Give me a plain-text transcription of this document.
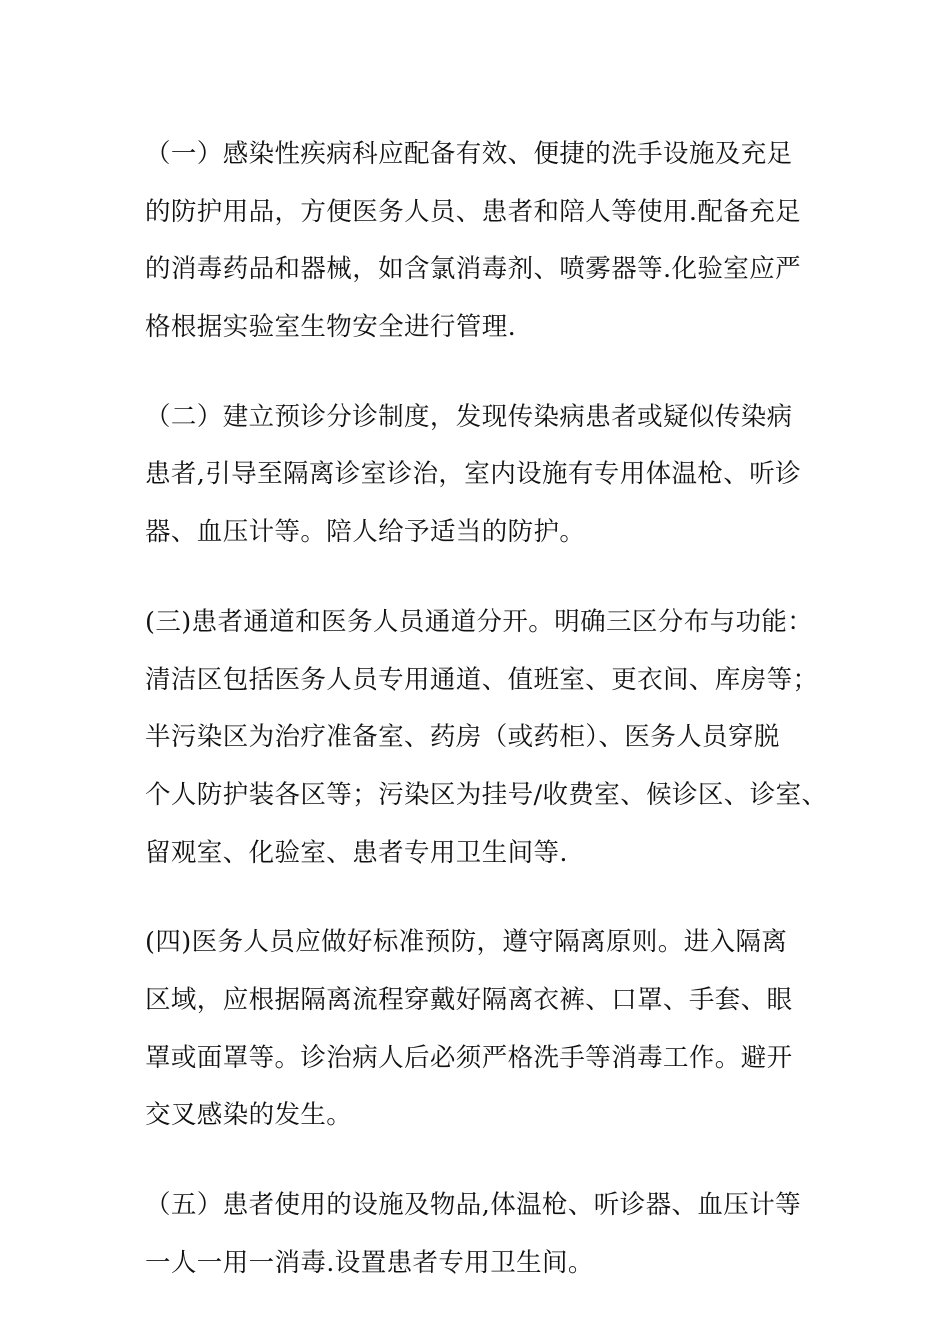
（一）感染性疾病科应配备有效、便捷的洗手设施及充足
的防护用品，方便医务人员、患者和陪人等使用.配备充足
的消毒药品和器械，如含氯消毒剂、喷雾器等.化验室应严
格根据实验室生物安全进行管理.
（二）建立预诊分诊制度，发现传染病患者或疑似传染病
患者,引导至隔离诊室诊治，室内设施有专用体温枪、听诊
器、血压计等。陪人给予适当的防护。
(三)患者通道和医务人员通道分开。明确三区分布与功能：
清洁区包括医务人员专用通道、值班室、更衣间、库房等；
半污染区为治疗准备室、药房（或药柜）、医务人员穿脱
个人防护装各区等；污染区为挂号/收费室、候诊区、诊室、
留观室、化验室、患者专用卫生间等.
(四)医务人员应做好标准预防，遵守隔离原则。进入隔离
区域，应根据隔离流程穿戴好隔离衣裤、口罩、手套、眼
罩或面罩等。诊治病人后必须严格洗手等消毒工作。避开
交叉感染的发生。
（五）患者使用的设施及物品,体温枪、听诊器、血压计等
一人一用一消毒.设置患者专用卫生间。
